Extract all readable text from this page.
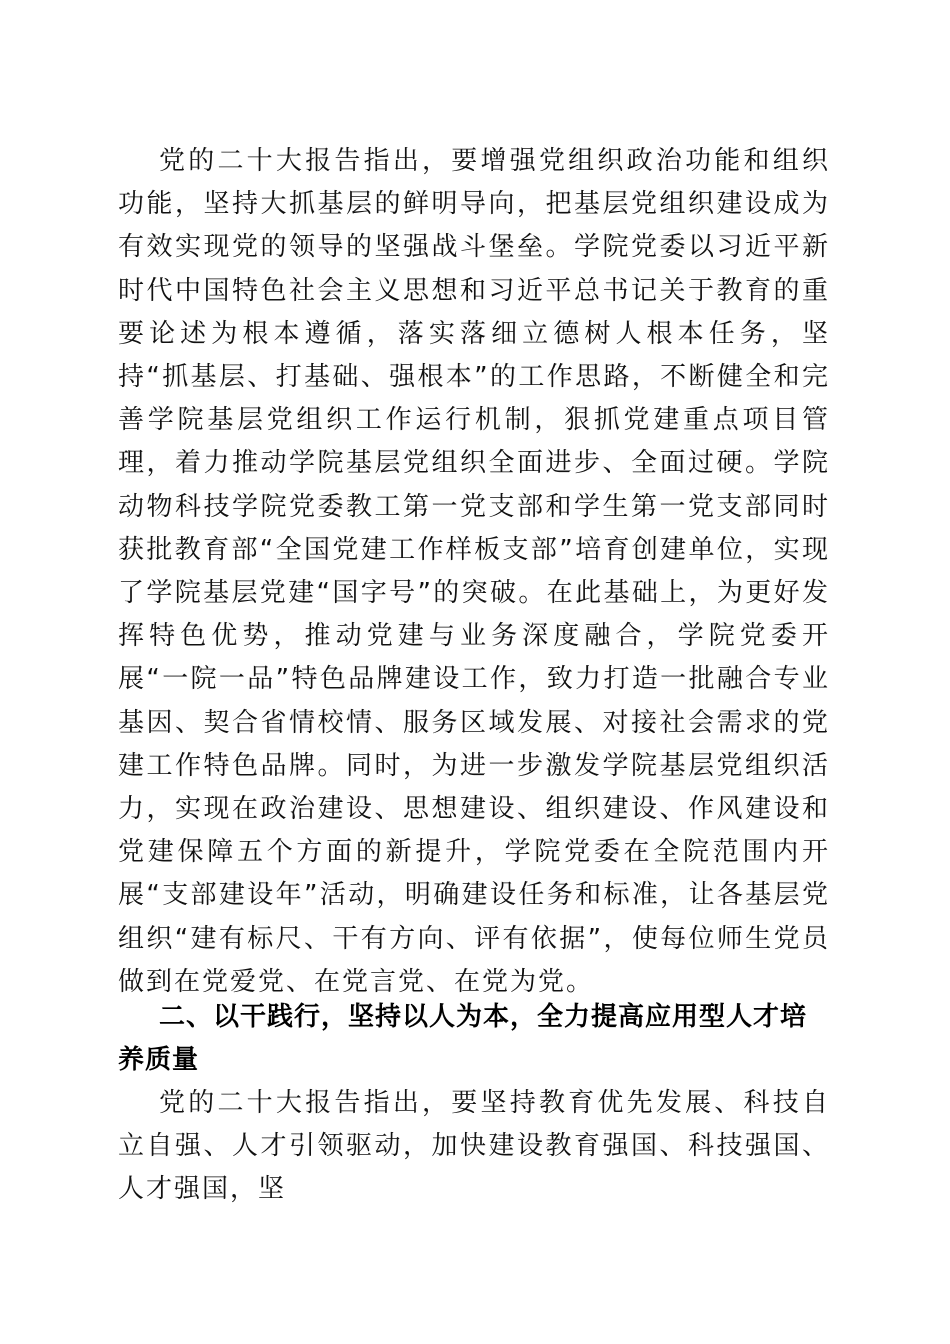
党的二十大报告指出，要增强党组织政治功能和组织功能，坚持大抓基层的鲜明导向，把基层党组织建设成为有效实现党的领导的坚强战斗堡垒。学院党委以习近平新时代中国特色社会主义思想和习近平总书记关于教育的重要论述为根本遵循，落实落细立德树人根本任务，坚持“抓基层、打基础、强根本”的工作思路，不断健全和完善学院基层党组织工作运行机制，狠抓党建重点项目管理，着力推动学院基层党组织全面进步、全面过硬。学院动物科技学院党委教工第一党支部和学生第一党支部同时获批教育部“全国党建工作样板支部”培育创建单位，实现了学院基层党建“国字号”的突破。在此基础上，为更好发挥特色优势，推动党建与业务深度融合，学院党委开展“一院一品”特色品牌建设工作，致力打造一批融合专业基因、契合省情校情、服务区域发展、对接社会需求的党建工作特色品牌。同时，为进一步激发学院基层党组织活力，实现在政治建设、思想建设、组织建设、作风建设和党建保障五个方面的新提升，学院党委在全院范围内开展“支部建设年”活动，明确建设任务和标准，让各基层党组织“建有标尺、干有方向、评有依据”，使每位师生党员做到在党爱党、在党言党、在党为党。

二、以干践行，坚持以人为本，全力提高应用型人才培养质量

党的二十大报告指出，要坚持教育优先发展、科技自立自强、人才引领驱动，加快建设教育强国、科技强国、人才强国，坚
